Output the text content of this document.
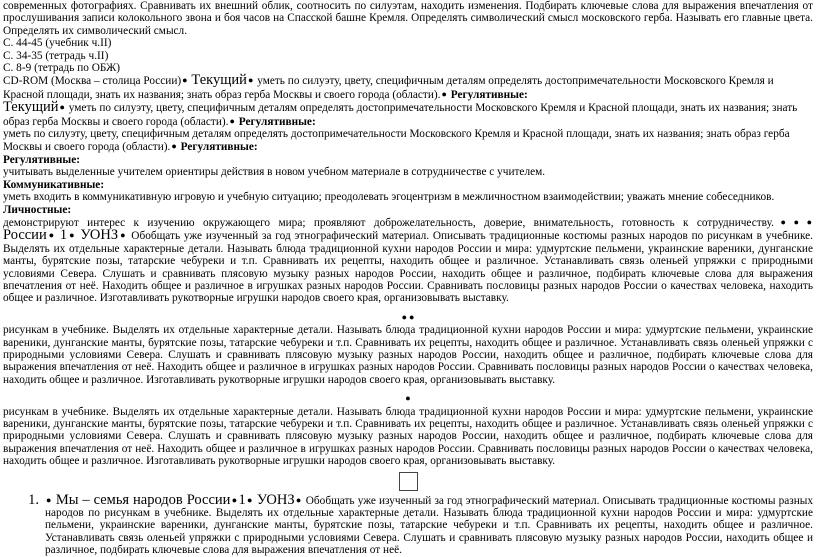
современных фотографиях. Сравнивать их внешний облик, соотносить по силуэтам, находить изменения. Подбирать ключевые слова для выражения впечатления от прослушивания записи колокольного звона и боя часов на Спасской башне Кремля. Определять символический смысл московского герба. Называть его главные цвета. Определять их символический смысл.

С. 44-45 (учебник ч.II)

С. 34-35 (тетрадь ч.II)

С. 8-9 (тетрадь по ОБЖ)

CD-ROM (Москва – столица России)● Текущий● уметь по силуэту, цвету, специфичным деталям определять достопримечательности Московского Кремля и Красной площади, знать их названия; знать образ герба Москвы и своего города (области).● Регулятивные:

Текущий● уметь по силуэту, цвету, специфичным деталям определять достопримечательности Московского Кремля и Красной площади, знать их названия; знать образ герба Москвы и своего города (области).● Регулятивные:

уметь по силуэту, цвету, специфичным деталям определять достопримечательности Московского Кремля и Красной площади, знать их названия; знать образ герба Москвы и своего города (области).● Регулятивные:

Регулятивные:

учитывать выделенные учителем ориентиры действия в новом учебном материале в сотрудничестве с учителем.

Коммуникативные:

уметь входить в коммуникативную игровую и учебную ситуацию; преодолевать эгоцентризм в межличностном взаимодействии; уважать мнение собеседников.

Личностные:

демонстрируют интерес к изучению окружающего мира; проявляют доброжелательность, доверие, внимательность, готовность к сотрудничеству.● ● ●

России● 1● УОНЗ● Обобщать уже изученный за год этнографический материал. Описывать традиционные костюмы разных народов по рисункам в учебнике. Выделять их отдельные характерные детали. Называть блюда традиционной кухни народов России и мира: удмуртские пельмени, украинские вареники, дунганские манты, бурятские позы, татарские чебуреки и т.п. Сравнивать их рецепты, находить общее и различное. Устанавливать связь оленьей упряжки с природными условиями Севера. Слушать и сравнивать пляcовую музыку разных народов России, находить общее и различное, подбирать ключевые слова для выражения впечатления от неё. Находить общее и различное в игрушках разных народов России. Сравнивать пословицы разных народов России о качествах человека, находить общее и различное. Изготавливать рукотворные игрушки народов своего края, организовывать выставку.

● ●

рисункам в учебнике. Выделять их отдельные характерные детали. Называть блюда традиционной кухни народов России и мира: удмуртские пельмени, украинские вареники, дунганские манты, бурятские позы, татарские чебуреки и т.п. Сравнивать их рецепты, находить общее и различное. Устанавливать связь оленьей упряжки с природными условиями Севера. Слушать и сравнивать пляcовую музыку разных народов России, находить общее и различное, подбирать ключевые слова для выражения впечатления от неё. Находить общее и различное в игрушках разных народов России. Сравнивать пословицы разных народов России о качествах человека, находить общее и различное. Изготавливать рукотворные игрушки народов своего края, организовывать выставку.

●

рисункам в учебнике. Выделять их отдельные характерные детали. Называть блюда традиционной кухни народов России и мира: удмуртские пельмени, украинские вареники, дунганские манты, бурятские позы, татарские чебуреки и т.п. Сравнивать их рецепты, находить общее и различное. Устанавливать связь оленьей упряжки с природными условиями Севера. Слушать и сравнивать пляcовую музыку разных народов России, находить общее и различное, подбирать ключевые слова для выражения впечатления от неё. Находить общее и различное в игрушках разных народов России. Сравнивать пословицы разных народов России о качествах человека, находить общее и различное. Изготавливать рукотворные игрушки народов своего края, организовывать выставку.

1. ● Мы – семья народов России●1● УОНЗ● Обобщать уже изученный за год этнографический материал. Описывать традиционные костюмы разных народов по рисункам в учебнике. Выделять их отдельные характерные детали. Называть блюда традиционной кухни народов России и мира: удмуртские пельмени, украинские вареники, дунганские манты, бурятские позы, татарские чебуреки и т.п. Сравнивать их рецепты, находить общее и различное. Устанавливать связь оленьей упряжки с природными условиями Севера. Слушать и сравнивать пляcовую музыку разных народов России, находить общее и различное, подбирать ключевые слова для выражения впечатления от неё.
